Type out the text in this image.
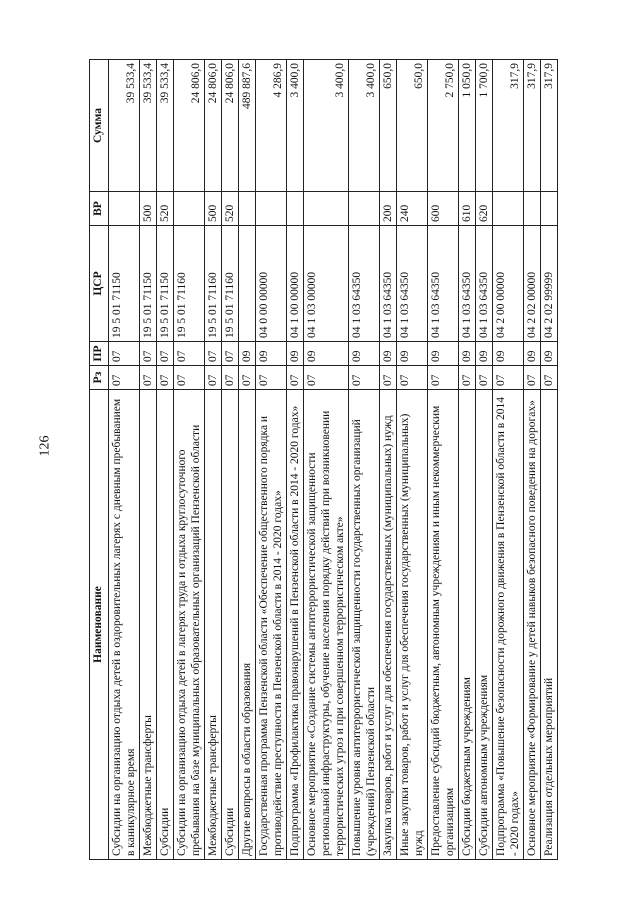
126
Наименование	Рз	ПР	ЦСР	ВР	Сумма
Субсидии на организацию отдыха детей в оздоровительных лагерях с дневным пребыванием в каникулярное время	07	07	19 5 01 71150		39 533,4
Межбюджетные трансферты	07	07	19 5 01 71150	500	39 533,4
Субсидии	07	07	19 5 01 71150	520	39 533,4
Субсидии на организацию отдыха детей в лагерях труда и отдыха круглосуточного пребывания на базе муниципальных образовательных организаций Пензенской области	07	07	19 5 01 71160		24 806,0
Межбюджетные трансферты	07	07	19 5 01 71160	500	24 806,0
Субсидии	07	07	19 5 01 71160	520	24 806,0
Другие вопросы в области образования	07	09			489 887,6
Государственная программа Пензенской области «Обеспечение общественного порядка и противодействие преступности в Пензенской области в 2014 - 2020 годах»	07	09	04 0 00 00000		4 286,9
Подпрограмма «Профилактика правонарушений в Пензенской области в 2014 - 2020 годах»	07	09	04 1 00 00000		3 400,0
Основное мероприятие «Создание системы антитеррористической защищенности региональной инфраструктуры, обучение населения порядку действий при возникновении террористических угроз и при совершенном террористическом акте»	07	09	04 1 03 00000		3 400,0
Повышение уровня антитеррористической защищенности государственных организаций (учреждений) Пензенской области	07	09	04 1 03 64350		3 400,0
Закупка товаров, работ и услуг для обеспечения государственных (муниципальных) нужд	07	09	04 1 03 64350	200	650,0
Иные закупки товаров, работ и услуг для обеспечения государственных (муниципальных) нужд	07	09	04 1 03 64350	240	650,0
Предоставление субсидий бюджетным, автономным учреждениям и иным некоммерческим организациям	07	09	04 1 03 64350	600	2 750,0
Субсидии бюджетным учреждениям	07	09	04 1 03 64350	610	1 050,0
Субсидии автономным учреждениям	07	09	04 1 03 64350	620	1 700,0
Подпрограмма «Повышение безопасности дорожного движения в Пензенской области в 2014 - 2020 годах»	07	09	04 2 00 00000		317,9
Основное мероприятие «Формирование у детей навыков безопасного поведения на дорогах»	07	09	04 2 02 00000		317,9
Реализация отдельных мероприятий	07	09	04 2 02 99999		317,9
